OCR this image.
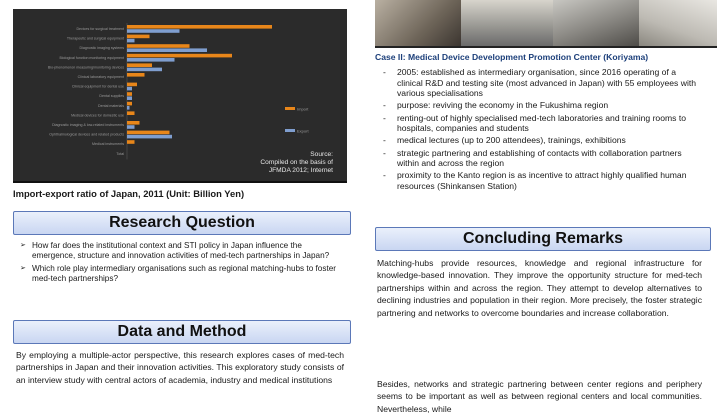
Devices for surgical treatment
Therapeutic and surgical equipment
Diagnostic imaging systems
Biological function monitoring equipment
Bio-phenomenon measuring/monitoring devices
Clinical laboratory equipment
Clinical equipment for dental use
Dental supplies
Dental materials
Medical devices for domestic use
Diagnostic imaging & low-related instruments
Ophthalmological devices and related products
Medical instruments
Total
Import
Export
Source:
Compiled on the basis of
JFMDA 2012; Internet
Import-export ratio of Japan, 2011 (Unit: Billion Yen)
Research Question
➢ How far does the institutional context and STI policy in Japan influence the emergence, structure and innovation activities of med-tech partnerships in Japan?
➢ Which role play intermediary organisations such as regional matching-hubs to foster med-tech partnerships?
Data and Method
By employing a multiple-actor perspective, this research explores cases of med-tech partnerships in Japan and their innovation activities. This exploratory study consists of an interview study with central actors of academia, industry and medical institutions
Case II: Medical Device Development Promotion Center (Koriyama)
- 2005: established as intermediary organisation, since 2016 operating of a clinical R&D and testing site (most advanced in Japan) with 55 employees with various specialisations
- purpose: reviving the economy in the Fukushima region
- renting-out of highly specialised med-tech laboratories and training rooms to hospitals, companies and students
- medical lectures (up to 200 attendees), trainings, exhibitions
- strategic partnering and establishing of contacts with collaboration partners within and across the region
- proximity to the Kanto region is as incentive to attract highly qualified human resources (Shinkansen Station)
Concluding Remarks
Matching-hubs provide resources, knowledge and regional infrastructure for knowledge-based innovation. They improve the opportunity structure for med-tech partnerships within and across the region. They attempt to develop alternatives to declining industries and population in their region. More precisely, the foster strategic partnering and networks to overcome boundaries and increase collaboration.
Besides, networks and strategic partnering between center regions and periphery seems to be important as well as between regional centers and local communities. Nevertheless, while
